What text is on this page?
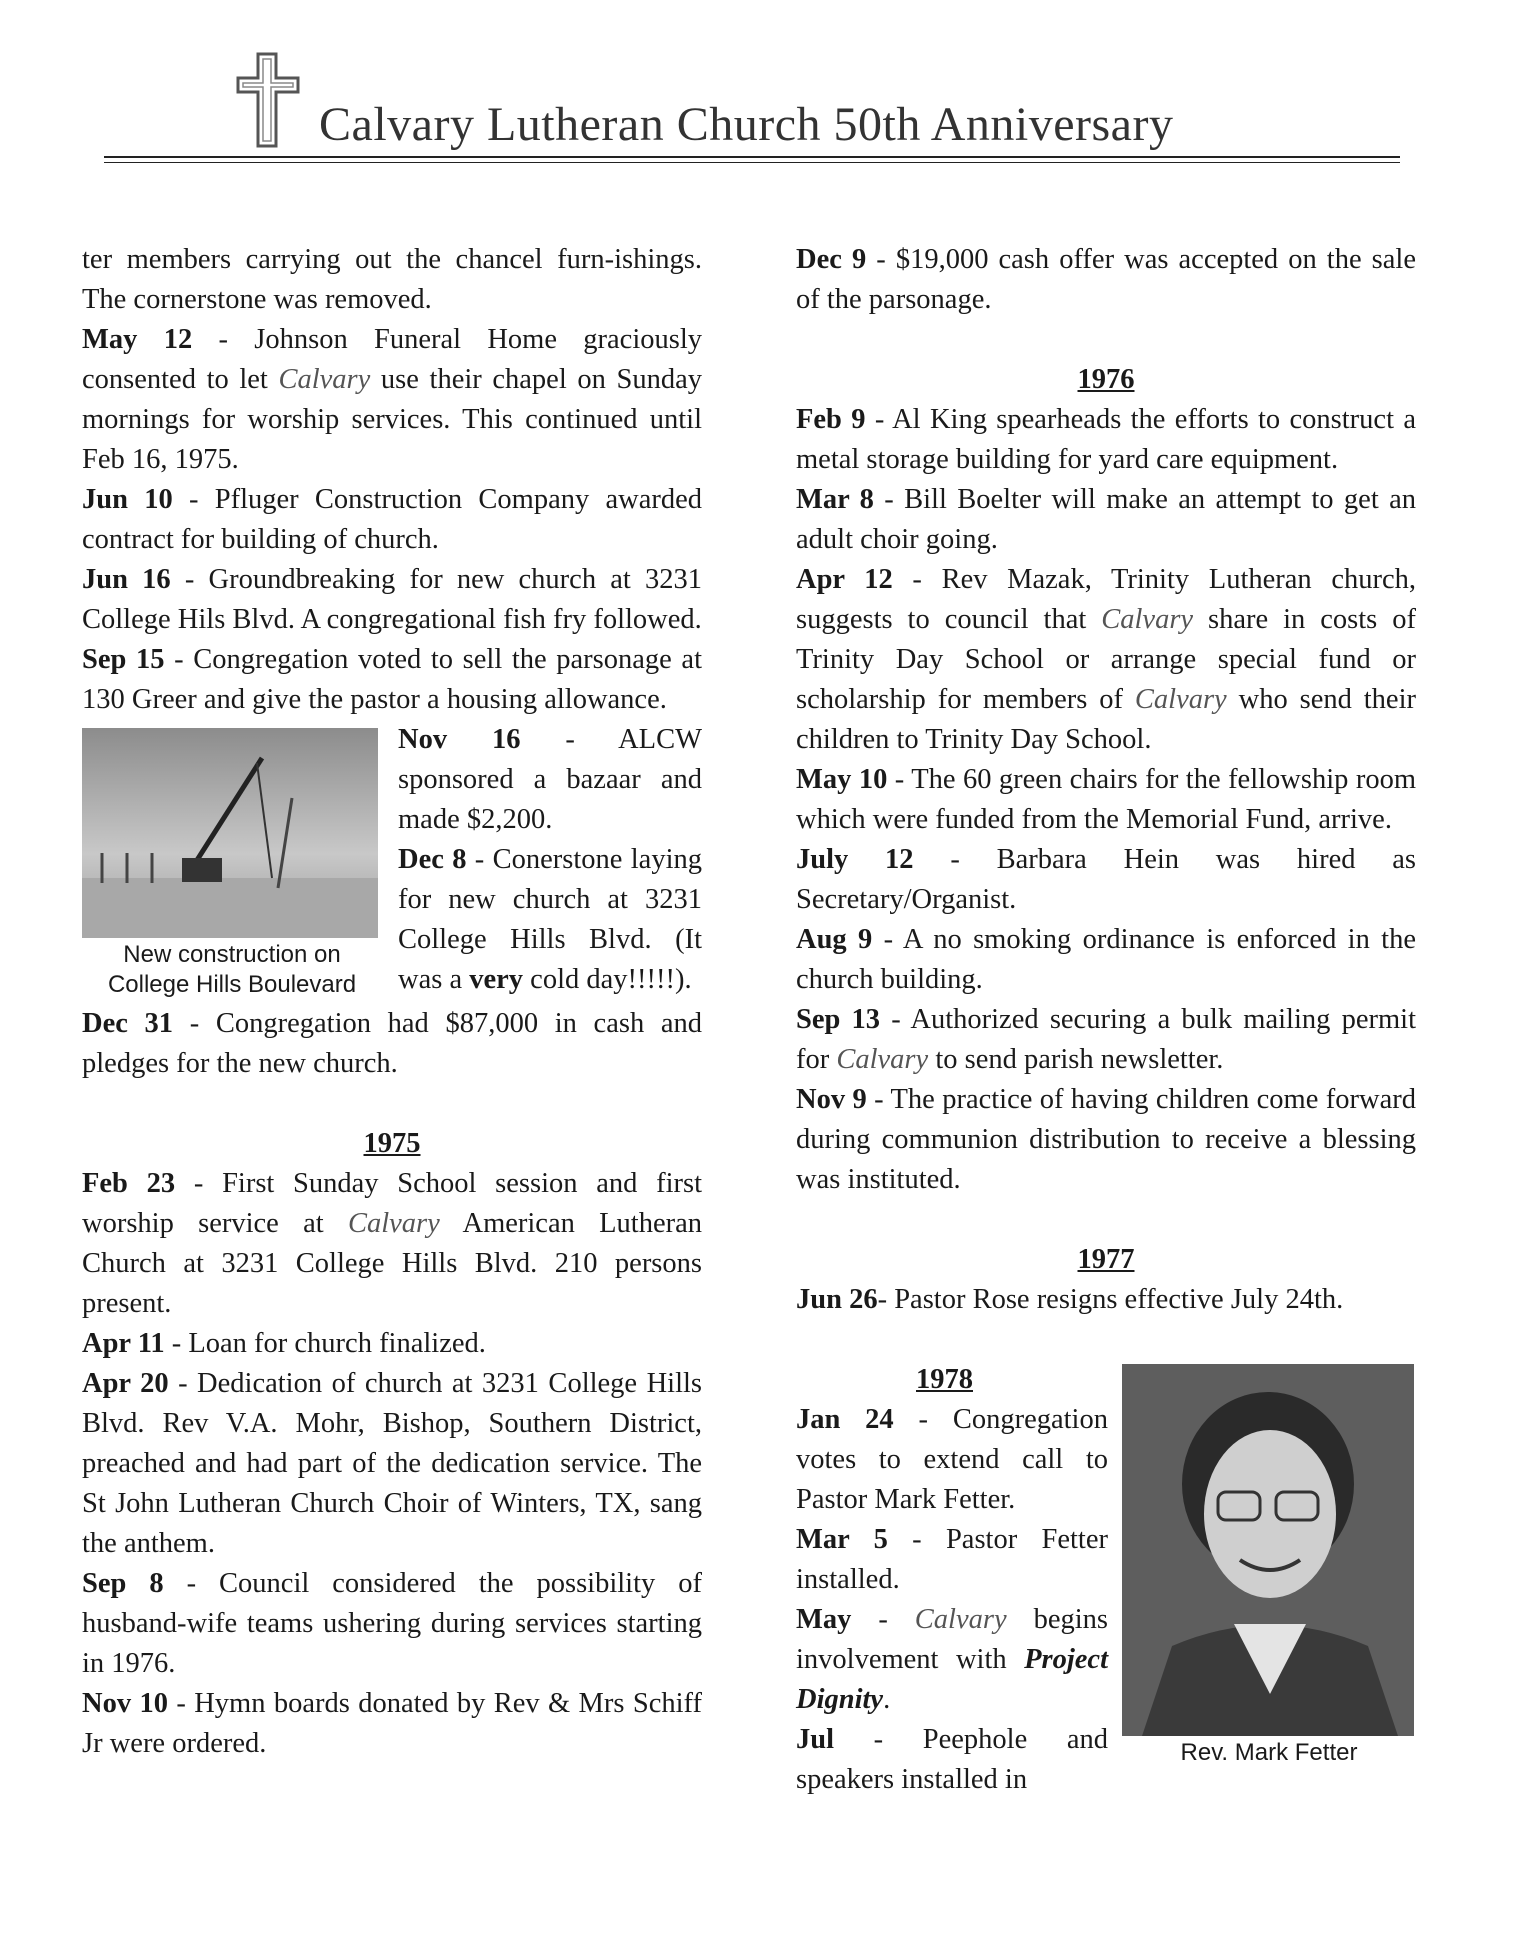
Calvary Lutheran Church 50th Anniversary

ter members carrying out the chancel furn-ishings. The cornerstone was removed.

May 12 - Johnson Funeral Home graciously consented to let Calvary use their chapel on Sunday mornings for worship services. This continued until Feb 16, 1975.

Jun 10 - Pfluger Construction Company awarded contract for building of church.

Jun 16 - Groundbreaking for new church at 3231 College Hils Blvd. A congregational fish fry followed.

Sep 15 - Congregation voted to sell the parsonage at 130 Greer and give the pastor a housing allowance.

New construction on College Hills Boulevard

Nov 16 - ALCW sponsored a bazaar and made $2,200.

Dec 8 - Conerstone laying for new church at 3231 College Hills Blvd. (It was a very cold day!!!!!).

Dec 31 - Congregation had $87,000 in cash and pledges for the new church.

1975

Feb 23 - First Sunday School session and first worship service at Calvary American Lutheran Church at 3231 College Hills Blvd. 210 persons present.

Apr 11 - Loan for church finalized.

Apr 20 - Dedication of church at 3231 College Hills Blvd. Rev V.A. Mohr, Bishop, Southern District, preached and had part of the dedication service. The St John Lutheran Church Choir of Winters, TX, sang the anthem.

Sep 8 - Council considered the possibility of husband-wife teams ushering during services starting in 1976.

Nov 10 - Hymn boards donated by Rev & Mrs Schiff Jr were ordered.

Dec 9 - $19,000 cash offer was accepted on the sale of the parsonage.

1976

Feb 9 - Al King spearheads the efforts to construct a metal storage building for yard care equipment.

Mar 8 - Bill Boelter will make an attempt to get an adult choir going.

Apr 12 - Rev Mazak, Trinity Lutheran church, suggests to council that Calvary share in costs of Trinity Day School or arrange special fund or scholarship for members of Calvary who send their children to Trinity Day School.

May 10 - The 60 green chairs for the fellowship room which were funded from the Memorial Fund, arrive.

July 12 - Barbara Hein was hired as Secretary/Organist.

Aug 9 - A no smoking ordinance is enforced in the church building.

Sep 13 - Authorized securing a bulk mailing permit for Calvary to send parish newsletter.

Nov 9 - The practice of having children come forward during communion distribution to receive a blessing was instituted.

1977

Jun 26- Pastor Rose resigns effective July 24th.

Rev. Mark Fetter

1978

Jan 24 - Congregation votes to extend call to Pastor Mark Fetter.

Mar 5 - Pastor Fetter installed.

May - Calvary begins involvement with Project Dignity.

Jul - Peephole and speakers installed in
